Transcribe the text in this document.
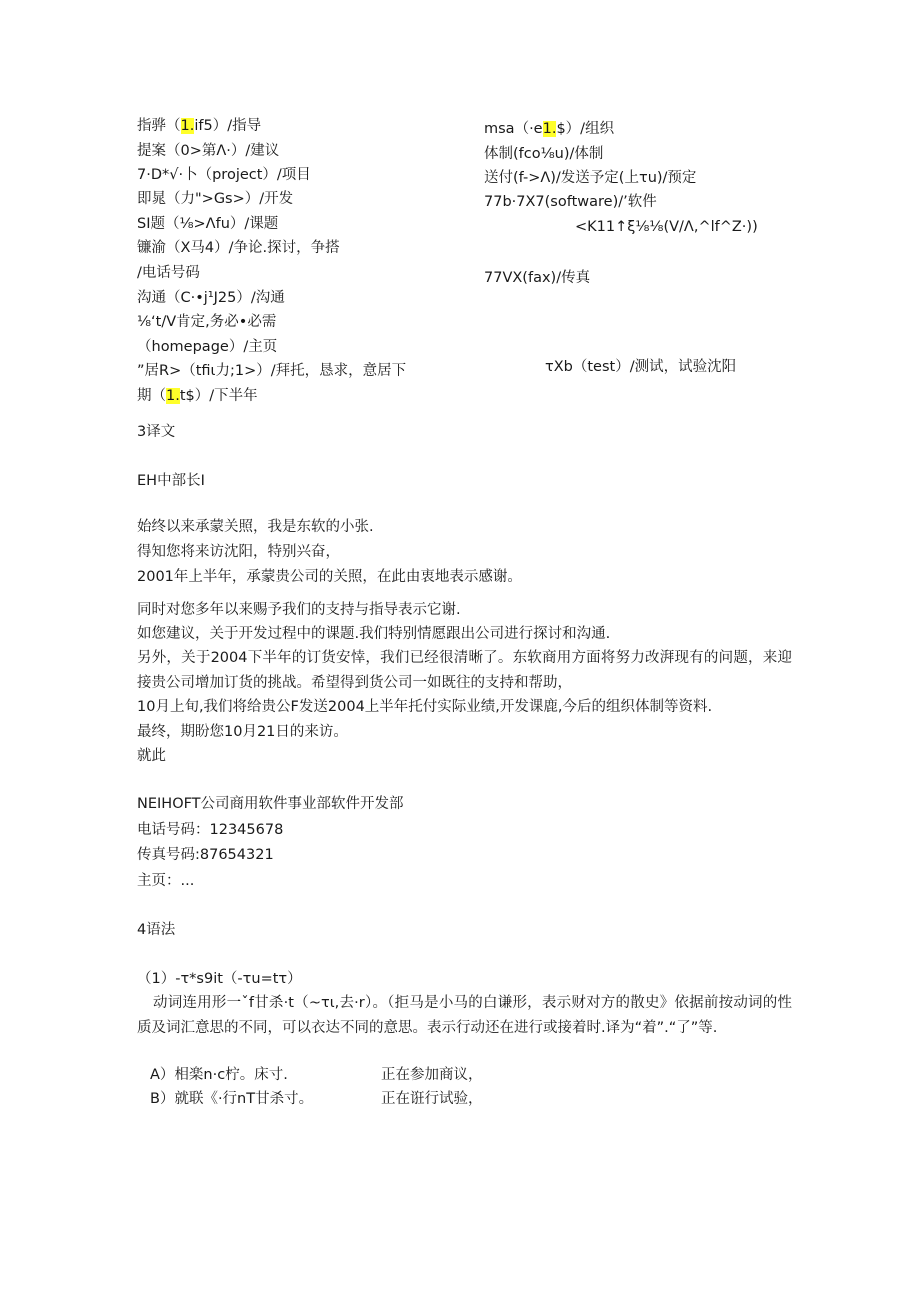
指骅（1.if5）/指导
提案（0>第Λ·）/建议
7·D*√·卜（project）/项目
即晁（力">Gs>）/开发
SI题（⅛>Λfu）/课题
镰渝（X马4）/争论.探讨，争搭
/电话号码
沟通（C·•j¹J25）/沟通
⅛‘t∕V肯定,务必•必需
（homepage）/主页
”居R>（tfiι力;1>）/拜托，恳求，意居下
期（1.t$）/下半年
msa（·e1.$）/组织
体制(fco⅛u)/体制
送付(f->Λ)/发送予定(上τu)/预定
77b·7X7(software)/’软件
<K11↑ξ⅛⅛(V∕Λ,^lf^Z·))
77VX(fax)/传真
τXb（test）/测试，试验沈阳
3译文
EH中部长I
始终以来承蒙关照，我是东软的小张.
得知您将来访沈阳，特别兴奋，
2001年上半年，承蒙贵公司的关照，在此由衷地表示感谢。
同时对您多年以来赐予我们的支持与指导表示它谢.
如您建议，关于开发过程中的课题.我们特别情愿跟出公司进行探讨和沟通.
另外，关于2004下半年的订货安悻，我们已经很清晰了。东软商用方面将努力改湃现有的问题，来迎接贵公司增加订货的挑战。希望得到货公司一如既往的支持和帮助，
10月上旬,我们将给贵公F发送2004上半年托付实际业绩,开发课鹿,今后的组织体制等资料.
最终，期盼您10月21日的来访。
就此
NEIHOFT公司商用软件事业部软件开发部
电话号码：12345678
传真号码:87654321
主页：...
4语法
（1）-τ*s9it（-τu=tτ）
动词连用形一ˇf甘杀·t（~τι,去·r）。（拒马是小马的白谦形，表示财对方的散史》依据前按动词的性质及词汇意思的不同，可以衣达不同的意思。表示行动还在进行或接着时.译为“着”.“了”等.
A）相楽n·c柠。床寸.	正在参加商议，
B）就联《·行nT甘杀寸。	正在诳行试验，
